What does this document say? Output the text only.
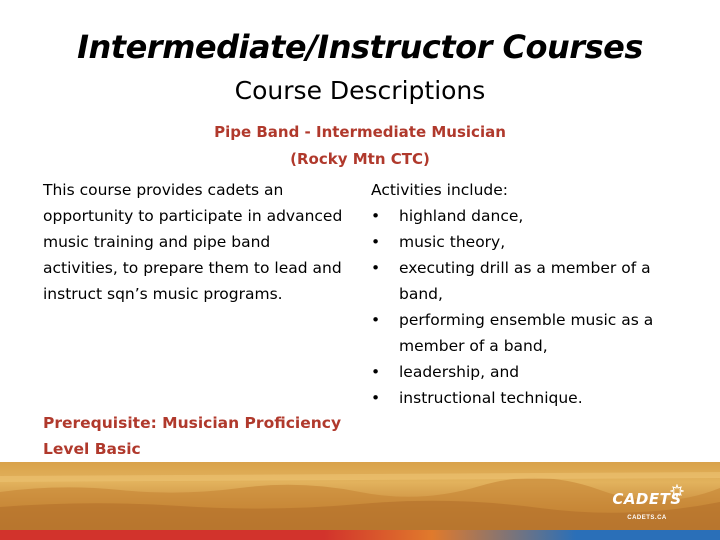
Intermediate/Instructor Courses
Course Descriptions
Pipe Band - Intermediate Musician
(Rocky Mtn CTC)
This course provides cadets an opportunity to participate in advanced music training and pipe band activities, to prepare them to lead and instruct sqn’s music programs.
Prerequisite: Musician Proficiency Level Basic
Activities include:
• highland dance,
• music theory,
• executing drill as a member of a band,
• performing ensemble music as a member of a band,
• leadership, and
• instructional technique.
CADETS
CADETS.CA
